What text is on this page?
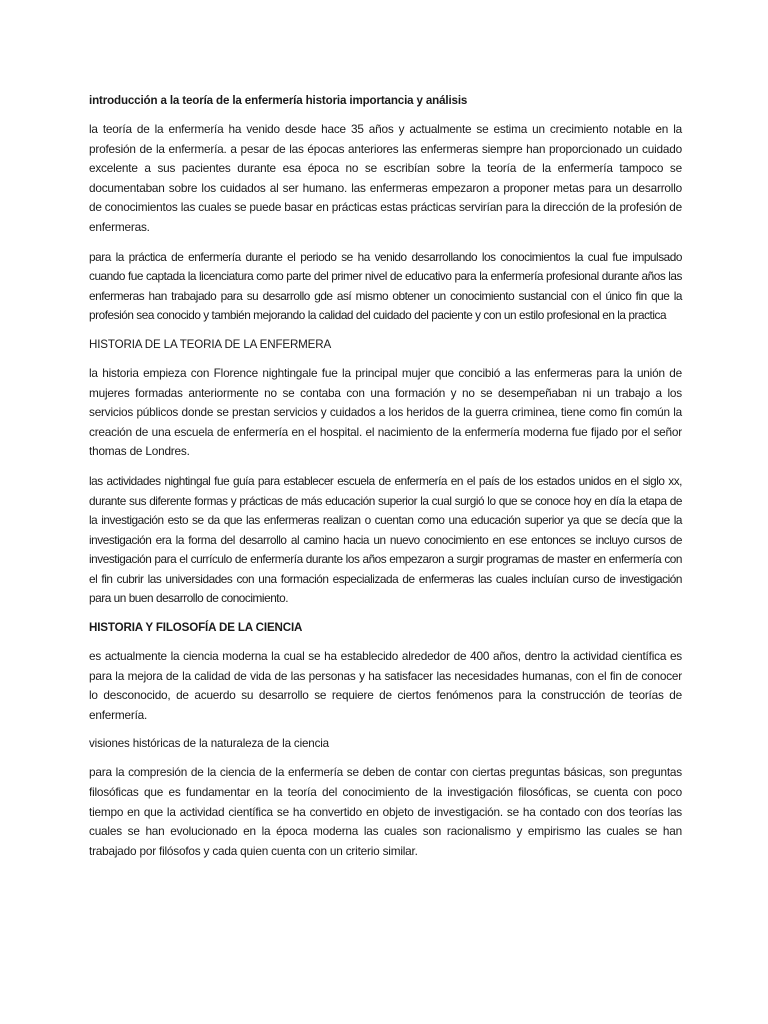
introducción a la teoría de la enfermería historia importancia y análisis

la teoría de la enfermería ha venido desde hace 35 años y actualmente se estima un crecimiento notable en la profesión de la enfermería. a pesar de las épocas anteriores las enfermeras siempre han proporcionado un cuidado excelente a sus pacientes durante esa época no se escribían sobre la teoría de la enfermería tampoco se documentaban sobre los cuidados al ser humano. las enfermeras empezaron a proponer metas para un desarrollo de conocimientos las cuales se puede basar en prácticas estas prácticas servirían para la dirección de la profesión de enfermeras.

para la práctica de enfermería durante el periodo se ha venido desarrollando los conocimientos la cual fue impulsado cuando fue captada la licenciatura como parte del primer nivel de educativo para la enfermería profesional durante años las enfermeras han trabajado para su desarrollo gde así mismo obtener un conocimiento sustancial con el único fin que la profesión sea conocido y también mejorando la calidad del cuidado del paciente y con un estilo profesional en la practica

HISTORIA DE LA TEORIA DE LA ENFERMERA

la historia empieza con Florence nightingale fue la principal mujer que concibió a las enfermeras para la unión de mujeres formadas anteriormente no se contaba con una formación y no se desempeñaban ni un trabajo a los servicios públicos donde se prestan servicios y cuidados a los heridos de la guerra criminea, tiene como fin común la creación de una escuela de enfermería en el hospital. el nacimiento de la enfermería moderna fue fijado por el señor thomas de Londres.

las actividades nightingal fue guía para establecer escuela de enfermería en el país de los estados unidos en el siglo xx, durante sus diferente formas y prácticas de más educación superior la cual surgió lo que se conoce hoy en día la etapa de la investigación esto se da que las enfermeras realizan o cuentan como una educación superior ya que se decía que la investigación era la forma del desarrollo al camino hacia un nuevo conocimiento en ese entonces se incluyo cursos de investigación para el currículo de enfermería durante los años empezaron a surgir programas de master en enfermería con el fin cubrir las universidades con una formación especializada de enfermeras las cuales incluían curso de investigación para un buen desarrollo de conocimiento.

HISTORIA Y FILOSOFÍA DE LA CIENCIA

es actualmente la ciencia moderna la cual se ha establecido alrededor de 400 años, dentro la actividad científica es para la mejora de la calidad de vida de las personas y ha satisfacer las necesidades humanas, con el fin de conocer lo desconocido, de acuerdo su desarrollo se requiere de ciertos fenómenos para la construcción de teorías de enfermería.

visiones históricas de la naturaleza de la ciencia

para la compresión de la ciencia de la enfermería se deben de contar con ciertas preguntas básicas, son preguntas filosóficas que es fundamentar en la teoría del conocimiento de la investigación filosóficas, se cuenta con poco tiempo en que la actividad científica se ha convertido en objeto de investigación. se ha contado con dos teorías las cuales se han evolucionado en la época moderna las cuales son racionalismo y empirismo las cuales se han trabajado por filósofos y cada quien cuenta con un criterio similar.
